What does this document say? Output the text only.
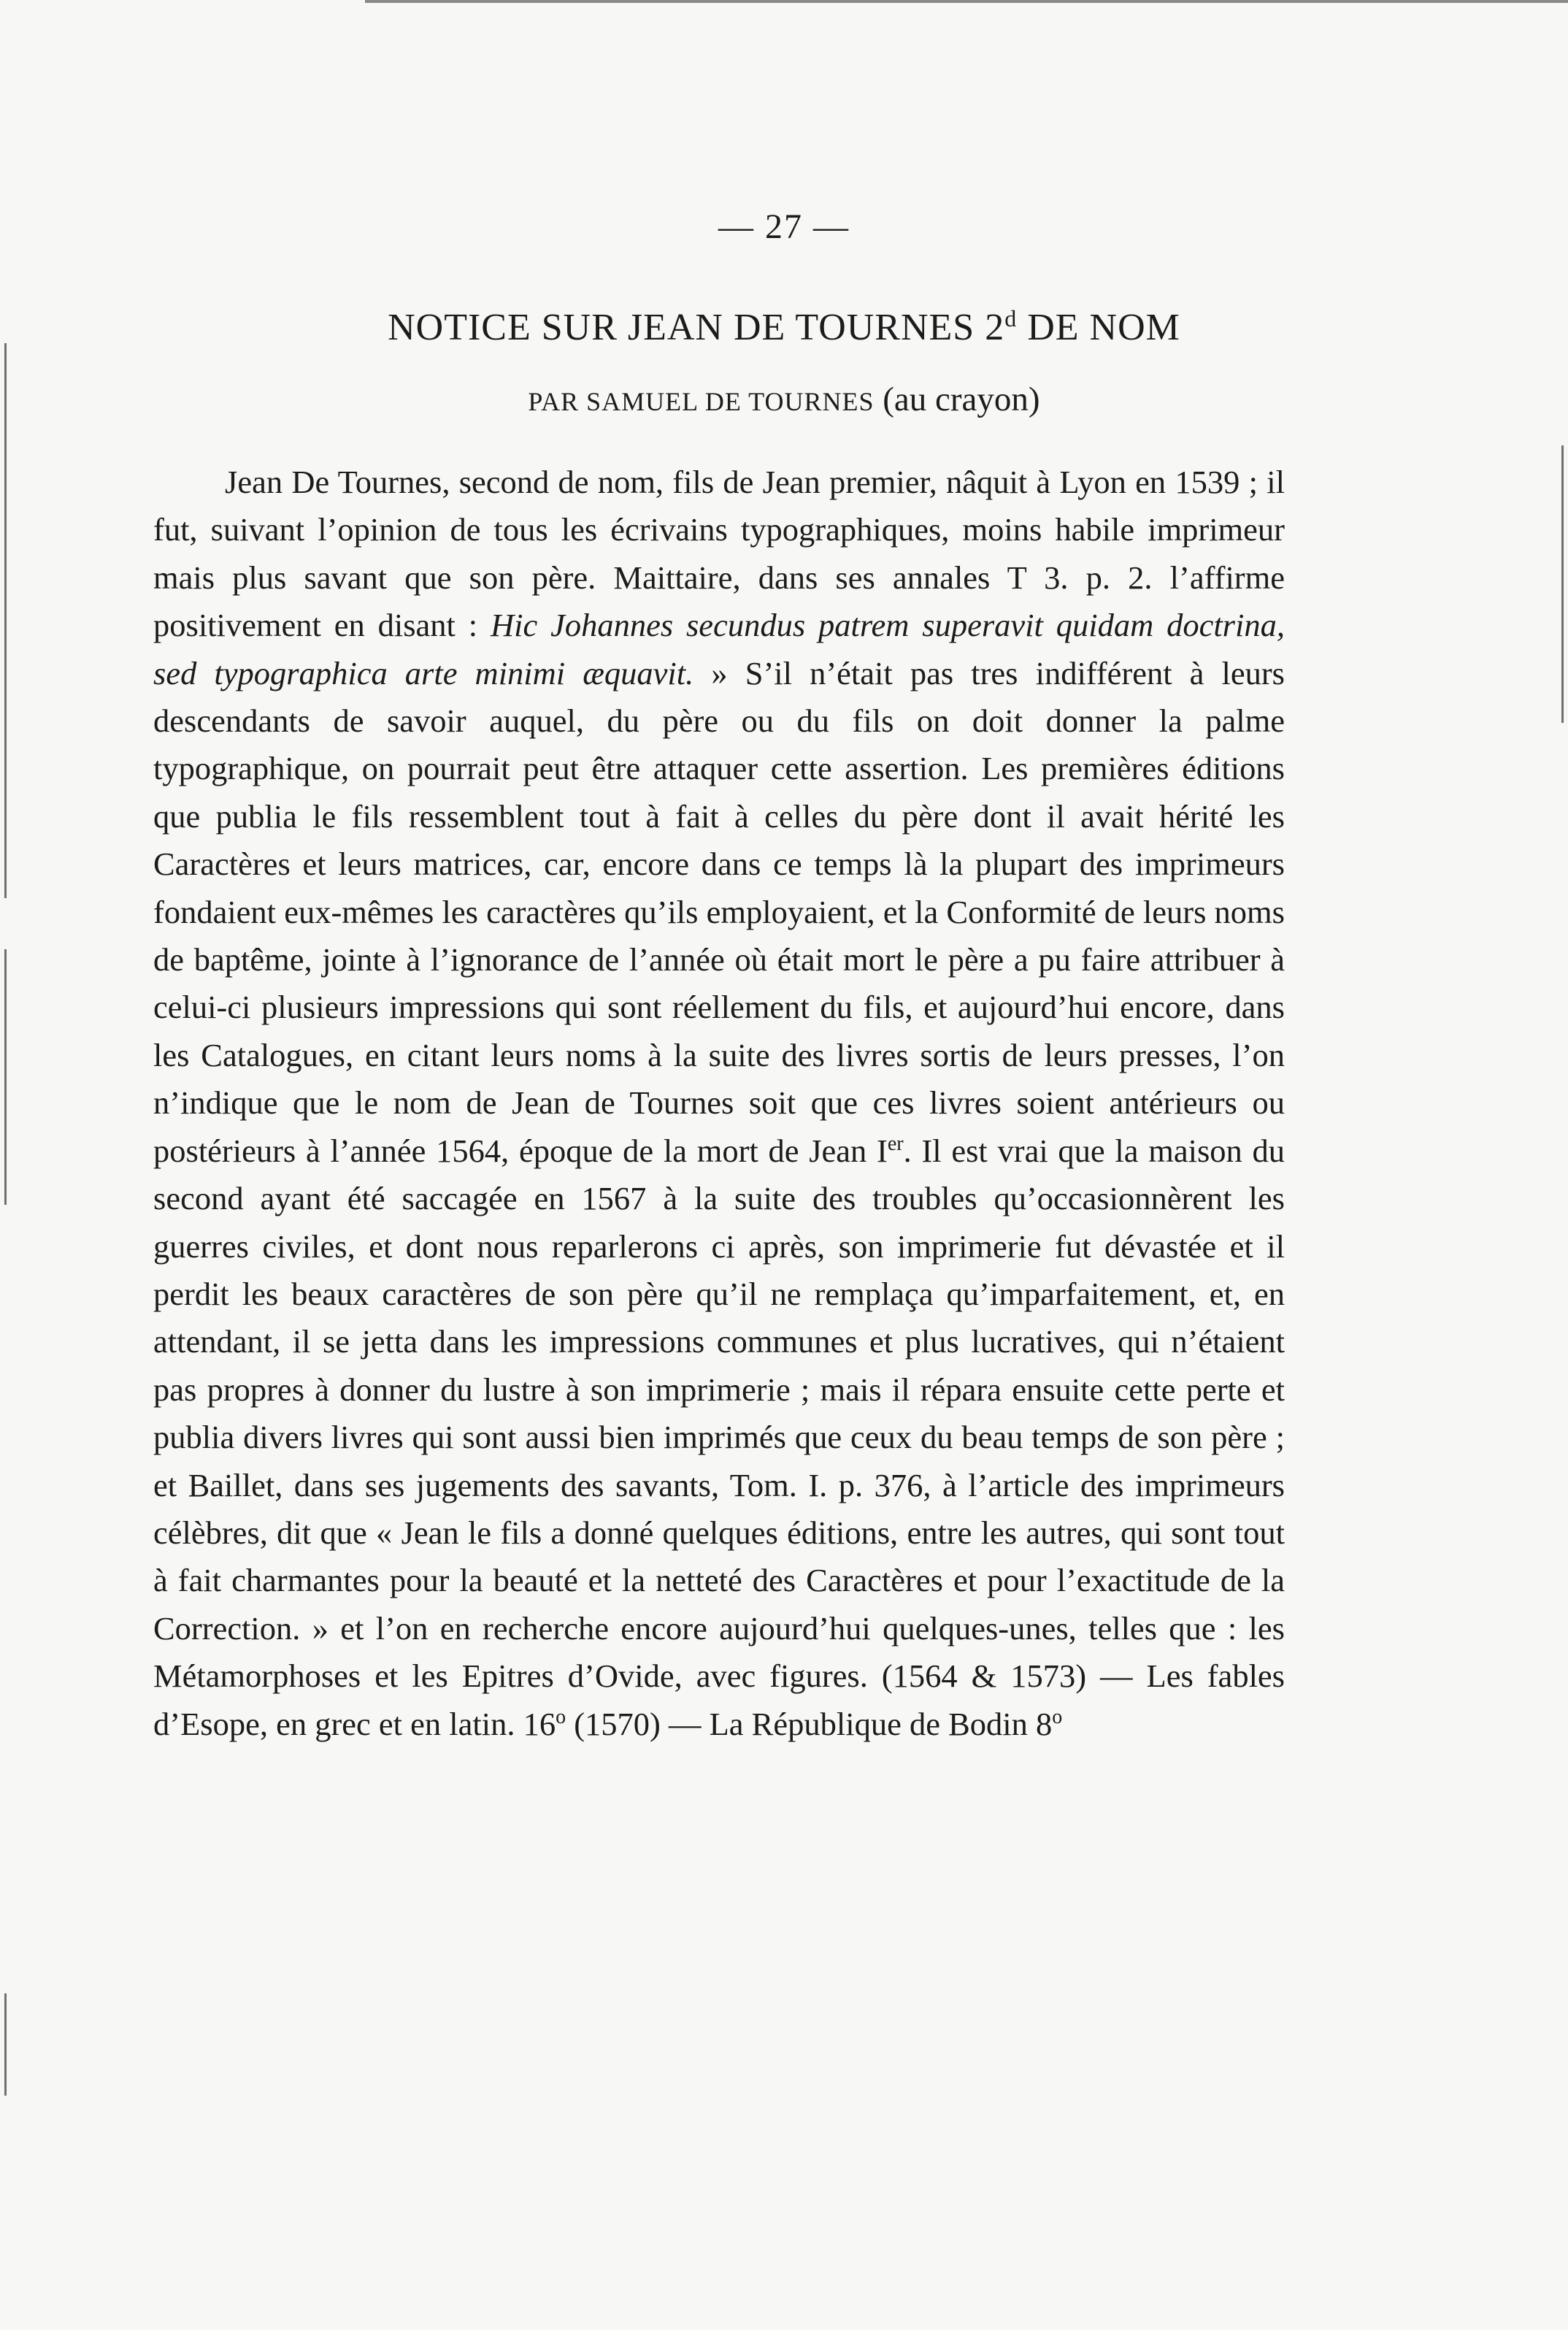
— 27 —
NOTICE SUR JEAN DE TOURNES 2$^d$ DE NOM
PAR SAMUEL DE TOURNES (au crayon)

Jean De Tournes, second de nom, fils de Jean premier, nâquit à Lyon en 1539 ; il fut, suivant l’opinion de tous les écrivains typographiques, moins habile imprimeur mais plus savant que son père. Maittaire, dans ses annales T 3. p. 2. l’affirme positivement en disant : Hic Johannes secundus patrem superavit quidam doctrina, sed typographica arte minimi æquavit. » S’il n’était pas tres indifférent à leurs descendants de savoir auquel, du père ou du fils on doit donner la palme typographique, on pourrait peut être attaquer cette assertion. Les premières éditions que publia le fils ressemblent tout à fait à celles du père dont il avait hérité les Caractères et leurs matrices, car, encore dans ce temps là la plupart des imprimeurs fondaient eux-mêmes les caractères qu’ils employaient, et la Conformité de leurs noms de baptême, jointe à l’ignorance de l’année où était mort le père a pu faire attribuer à celui-ci plusieurs impressions qui sont réellement du fils, et aujourd’hui encore, dans les Catalogues, en citant leurs noms à la suite des livres sortis de leurs presses, l’on n’indique que le nom de Jean de Tournes soit que ces livres soient antérieurs ou postérieurs à l’année 1564, époque de la mort de Jean Ier. Il est vrai que la maison du second ayant été saccagée en 1567 à la suite des troubles qu’occasionnèrent les guerres civiles, et dont nous reparlerons ci après, son imprimerie fut dévastée et il perdit les beaux caractères de son père qu’il ne remplaça qu’imparfaitement, et, en attendant, il se jetta dans les impressions communes et plus lucratives, qui n’étaient pas propres à donner du lustre à son imprimerie ; mais il répara ensuite cette perte et publia divers livres qui sont aussi bien imprimés que ceux du beau temps de son père ; et Baillet, dans ses jugements des savants, Tom. I. p. 376, à l’article des imprimeurs célèbres, dit que « Jean le fils a donné quelques éditions, entre les autres, qui sont tout à fait charmantes pour la beauté et la netteté des Caractères et pour l’exactitude de la Correction. » et l’on en recherche encore aujourd’hui quelques-unes, telles que : les Métamorphoses et les Epitres d’Ovide, avec figures. (1564 & 1573) — Les fables d’Esope, en grec et en latin. 16$^o$ (1570) — La République de Bodin 8$^o$
